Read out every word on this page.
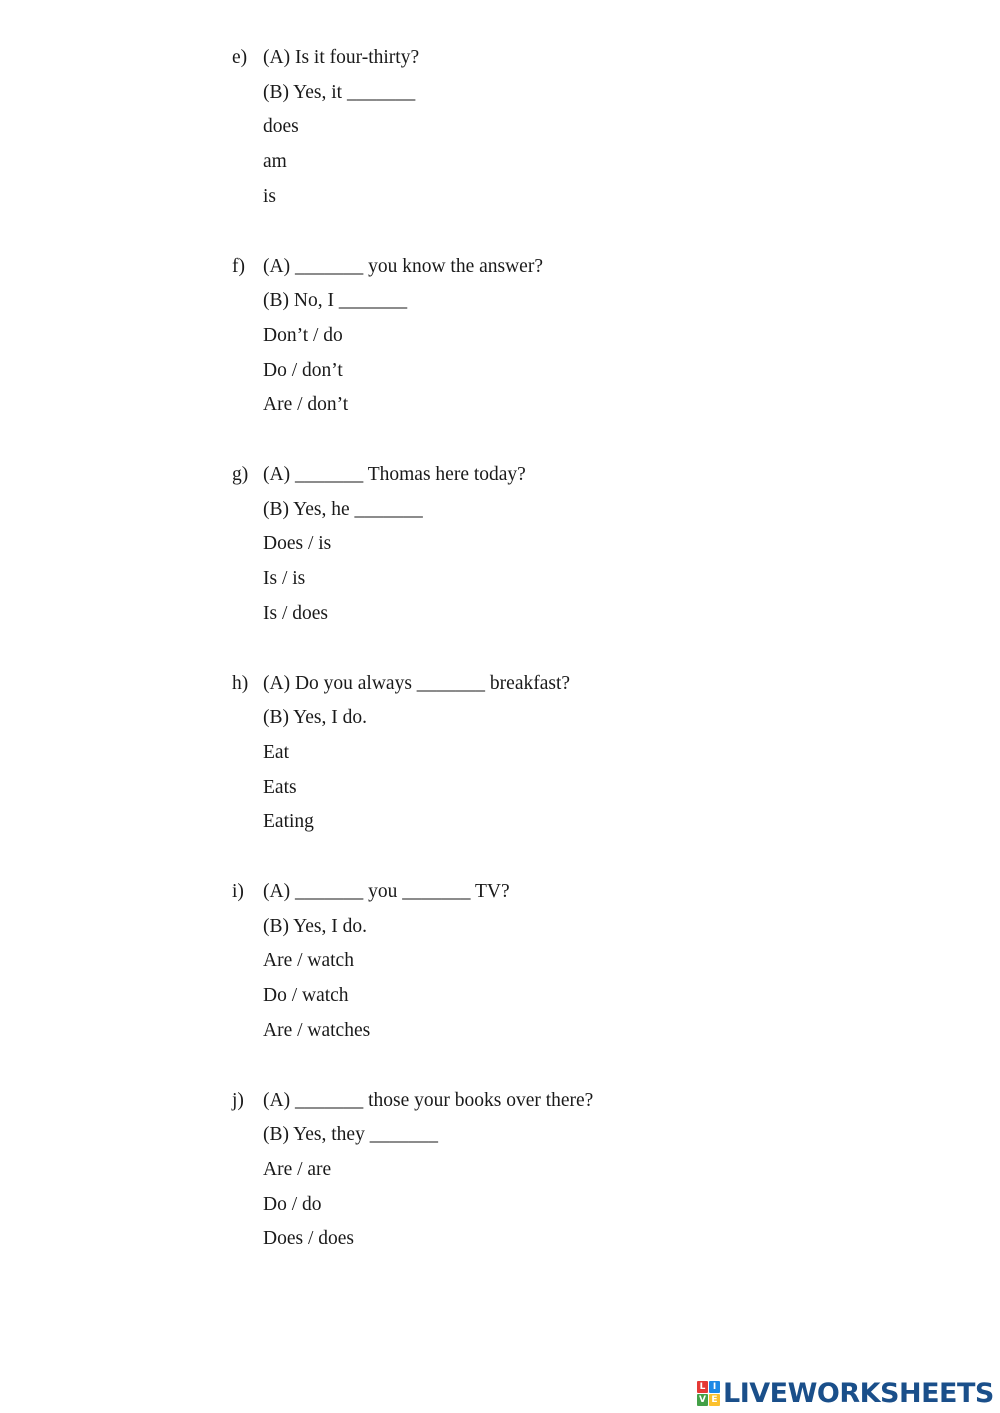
e) (A) Is it four-thirty?
(B) Yes, it _______
does
am
is
f) (A) _______ you know the answer?
(B) No, I _______
Don’t / do
Do / don’t
Are / don’t
g) (A) _______ Thomas here today?
(B) Yes, he _______
Does / is
Is / is
Is / does
h) (A) Do you always _______ breakfast?
(B) Yes, I do.
Eat
Eats
Eating
i) (A) _______ you _______ TV?
(B) Yes, I do.
Are / watch
Do / watch
Are / watches
j) (A) _______ those your books over there?
(B) Yes, they _______
Are / are
Do / do
Does / does
L I
V E LIVEWORKSHEETS
